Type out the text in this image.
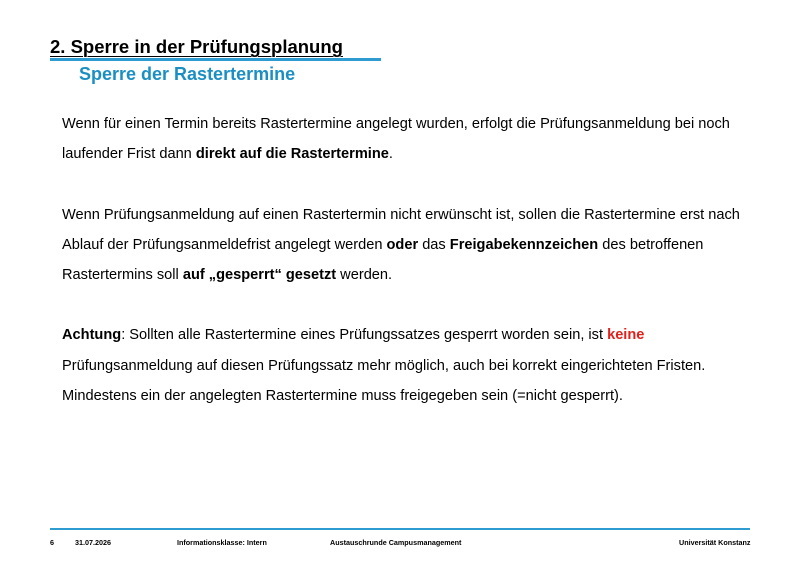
2. Sperre in der Prüfungsplanung
Sperre der Rastertermine

Wenn für einen Termin bereits Rastertermine angelegt wurden, erfolgt die Prüfungsanmeldung bei noch laufender Frist dann direkt auf die Rastertermine.

Wenn Prüfungsanmeldung auf einen Rastertermin nicht erwünscht ist, sollen die Rastertermine erst nach Ablauf der Prüfungsanmeldefrist angelegt werden oder das Freigabekennzeichen des betroffenen Rastertermins soll auf „gesperrt“ gesetzt werden.

Achtung: Sollten alle Rastertermine eines Prüfungssatzes gesperrt worden sein, ist keine Prüfungsanmeldung auf diesen Prüfungssatz mehr möglich, auch bei korrekt eingerichteten Fristen. Mindestens ein der angelegten Rastertermine muss freigegeben sein (=nicht gesperrt).

6	31.07.2026	Informationsklasse: Intern	Austauschrunde Campusmanagement	Universität Konstanz
